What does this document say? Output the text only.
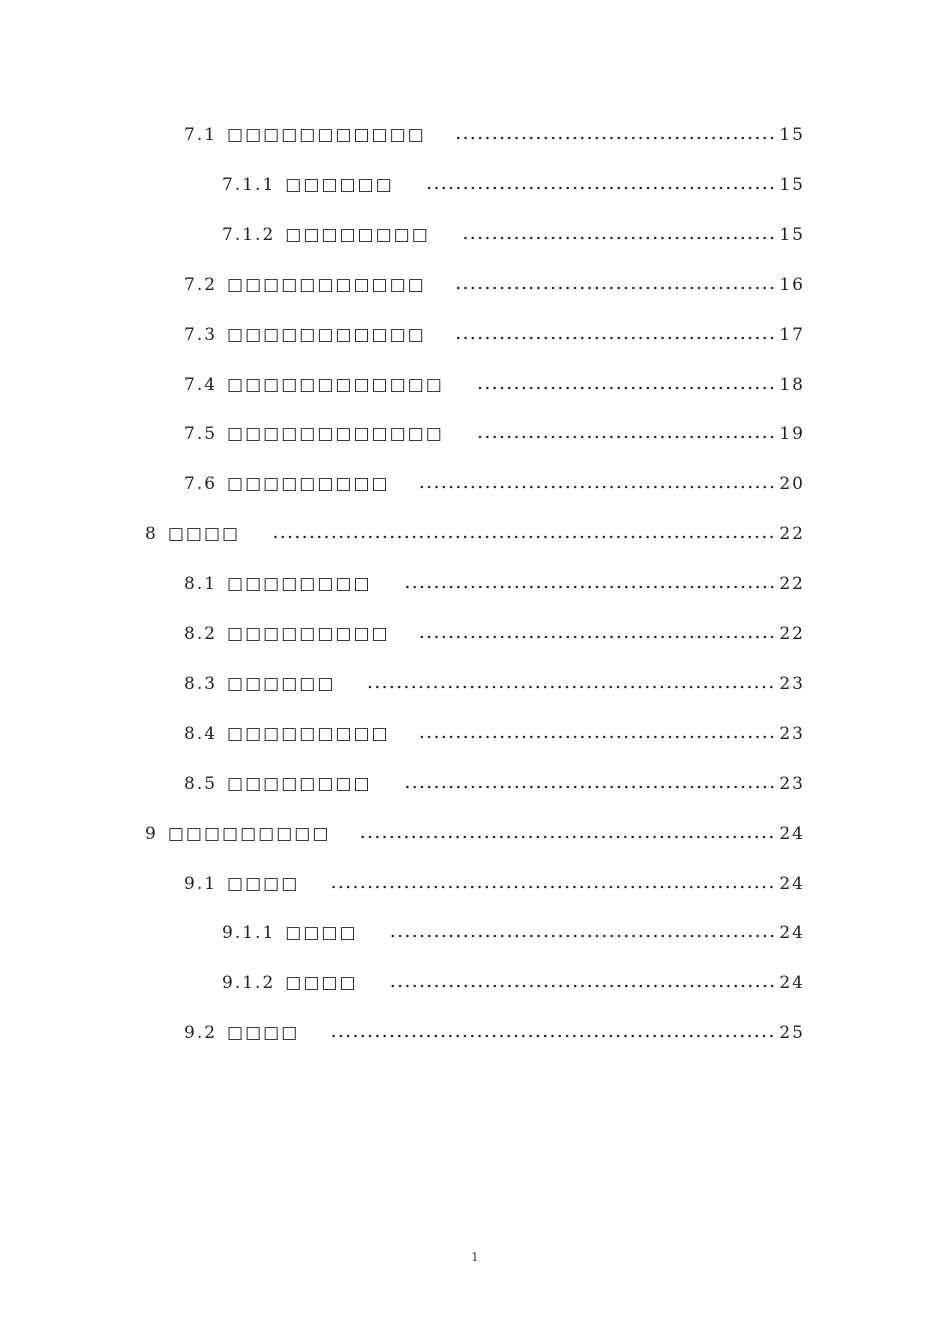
7.1 □□□□□□□□□□□	15
7.1.1 □□□□□□	15
7.1.2 □□□□□□□□	15
7.2 □□□□□□□□□□□	16
7.3 □□□□□□□□□□□	17
7.4 □□□□□□□□□□□□	18
7.5 □□□□□□□□□□□□	19
7.6 □□□□□□□□□	20
8 □□□□	22
8.1 □□□□□□□□	22
8.2 □□□□□□□□□	22
8.3 □□□□□□	23
8.4 □□□□□□□□□	23
8.5 □□□□□□□□	23
9 □□□□□□□□□	24
9.1 □□□□	24
9.1.1 □□□□	24
9.1.2 □□□□	24
9.2 □□□□	25
1
